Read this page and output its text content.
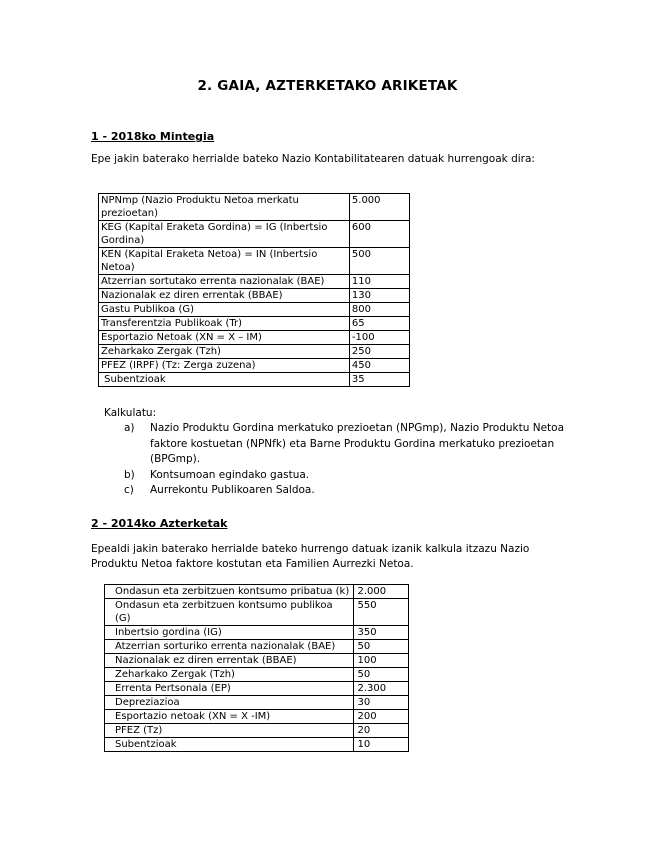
2. GAIA, AZTERKETAKO ARIKETAK
1 - 2018ko Mintegia
Epe jakin baterako herrialde bateko Nazio Kontabilitatearen datuak hurrengoak dira:
NPNmp (Nazio Produktu Netoa merkatu prezioetan)	5.000
KEG (Kapital Eraketa Gordina) = IG (Inbertsio Gordina)	600
KEN (Kapital Eraketa Netoa) = IN (Inbertsio Netoa)	500
Atzerrian sortutako errenta nazionalak (BAE)	110
Nazionalak ez diren errentak (BBAE)	130
Gastu Publikoa (G)	800
Transferentzia Publikoak (Tr)	65
Esportazio Netoak (XN = X – IM)	-100
Zeharkako Zergak (Tzh)	250
PFEZ (IRPF) (Tz: Zerga zuzena)	450
Subentzioak	35
Kalkulatu:
a) Nazio Produktu Gordina merkatuko prezioetan (NPGmp), Nazio Produktu Netoa faktore kostuetan (NPNfk) eta Barne Produktu Gordina merkatuko prezioetan (BPGmp).
b) Kontsumoan egindako gastua.
c) Aurrekontu Publikoaren Saldoa.
2 - 2014ko Azterketak
Epealdi jakin baterako herrialde bateko hurrengo datuak izanik kalkula itzazu Nazio Produktu Netoa faktore kostutan eta Familien Aurrezki Netoa.
Ondasun eta zerbitzuen kontsumo pribatua (k)	2.000
Ondasun eta zerbitzuen kontsumo publikoa (G)	550
Inbertsio gordina (IG)	350
Atzerrian sorturiko errenta nazionalak (BAE)	50
Nazionalak ez diren errentak (BBAE)	100
Zeharkako Zergak (Tzh)	50
Errenta Pertsonala (EP)	2.300
Depreziazioa	30
Esportazio netoak (XN = X -IM)	200
PFEZ (Tz)	20
Subentzioak	10
